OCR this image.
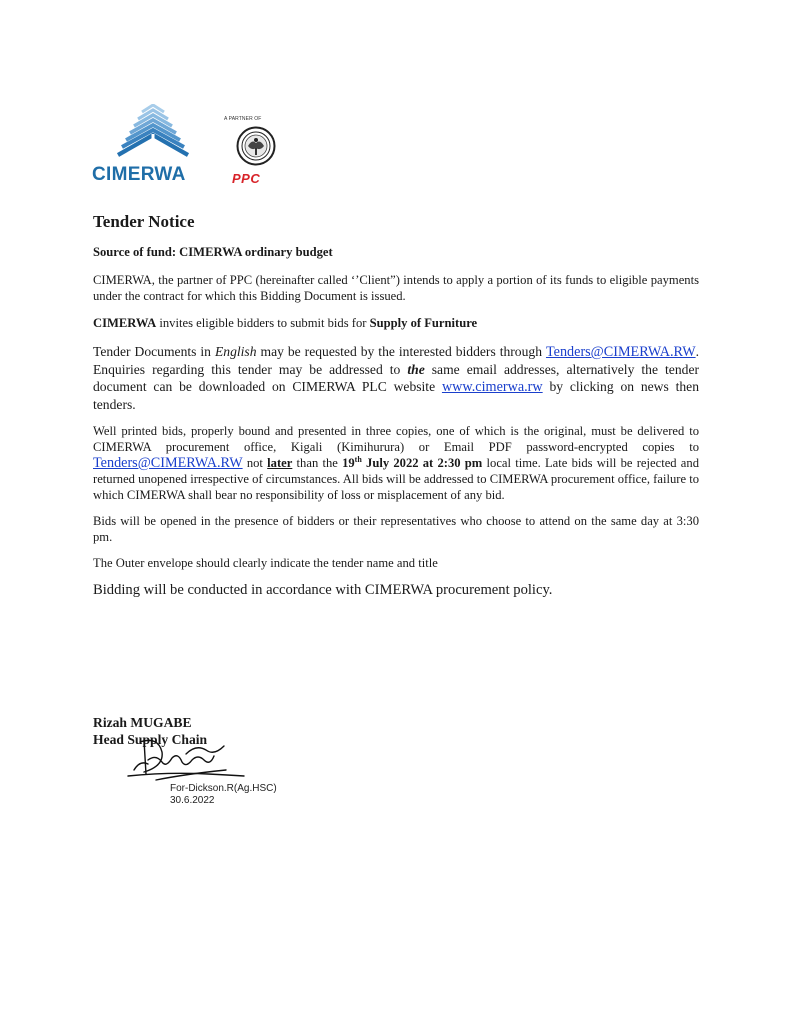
CIMERWA
A PARTNER OF
PPC
Tender Notice

Source of fund: CIMERWA ordinary budget

CIMERWA, the partner of PPC (hereinafter called ‘’Client”) intends to apply a portion of its funds to eligible payments under the contract for which this Bidding Document is issued.

CIMERWA invites eligible bidders to submit bids for Supply of Furniture

Tender Documents in English may be requested by the interested bidders through Tenders@CIMERWA.RW. Enquiries regarding this tender may be addressed to the same email addresses, alternatively the tender document can be downloaded on CIMERWA PLC website www.cimerwa.rw by clicking on news then tenders.

Well printed bids, properly bound and presented in three copies, one of which is the original, must be delivered to CIMERWA procurement office, Kigali (Kimihurura) or Email PDF password-encrypted copies to Tenders@CIMERWA.RW not later than the 19th July 2022 at 2:30 pm local time. Late bids will be rejected and returned unopened irrespective of circumstances. All bids will be addressed to CIMERWA procurement office, failure to which CIMERWA shall bear no responsibility of loss or misplacement of any bid.

Bids will be opened in the presence of bidders or their representatives who choose to attend on the same day at 3:30 pm.

The Outer envelope should clearly indicate the tender name and title

Bidding will be conducted in accordance with CIMERWA procurement policy.

Rizah MUGABE
Head Supply Chain
For-Dickson.R(Ag.HSC)
30.6.2022
